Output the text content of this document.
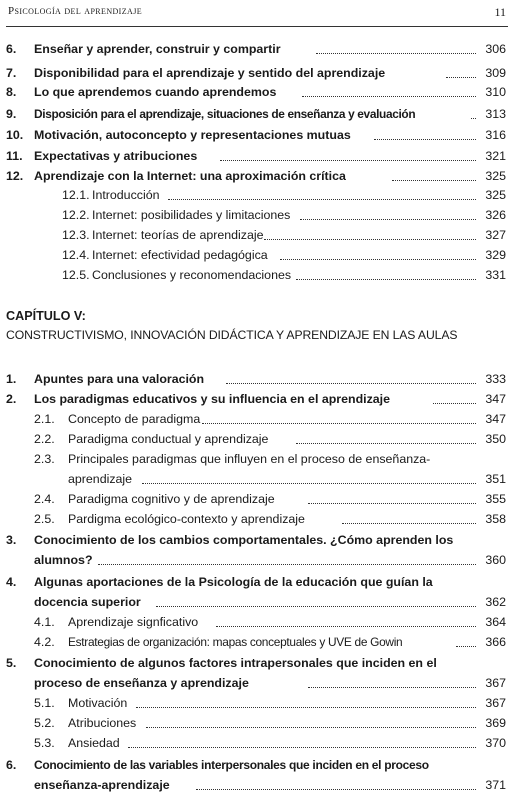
Psicología del aprendizaje	11
6. Enseñar y aprender, construir y compartir	306
7. Disponibilidad para el aprendizaje y sentido del aprendizaje	309
8. Lo que aprendemos cuando aprendemos	310
9. Disposición para el aprendizaje, situaciones de enseñanza y evaluación	313
10. Motivación, autoconcepto y representaciones mutuas	316
11. Expectativas y atribuciones	321
12. Aprendizaje con la Internet: una aproximación crítica	325
12.1. Introducción	325
12.2. Internet: posibilidades y limitaciones	326
12.3. Internet: teorías de aprendizaje	327
12.4. Internet: efectividad pedagógica	329
12.5. Conclusiones y reconomendaciones	331
CAPÍTULO V:
CONSTRUCTIVISMO, INNOVACIÓN DIDÁCTICA Y APRENDIZAJE EN LAS AULAS
1. Apuntes para una valoración	333
2. Los paradigmas educativos y su influencia en el aprendizaje	347
2.1. Concepto de paradigma	347
2.2. Paradigma conductual y aprendizaje	350
2.3. Principales paradigmas que influyen en el proceso de enseñanza-
aprendizaje	351
2.4. Paradigma cognitivo y de aprendizaje	355
2.5. Pardigma ecológico-contexto y aprendizaje	358
3. Conocimiento de los cambios comportamentales. ¿Cómo aprenden los
alumnos?	360
4. Algunas aportaciones de la Psicología de la educación que guían la
docencia superior	362
4.1. Aprendizaje signficativo	364
4.2. Estrategias de organización: mapas conceptuales y UVE de Gowin	366
5. Conocimiento de algunos factores intrapersonales que inciden en el
proceso de enseñanza y aprendizaje	367
5.1. Motivación	367
5.2. Atribuciones	369
5.3. Ansiedad	370
6. Conocimiento de las variables interpersonales que inciden en el proceso
enseñanza-aprendizaje	371
